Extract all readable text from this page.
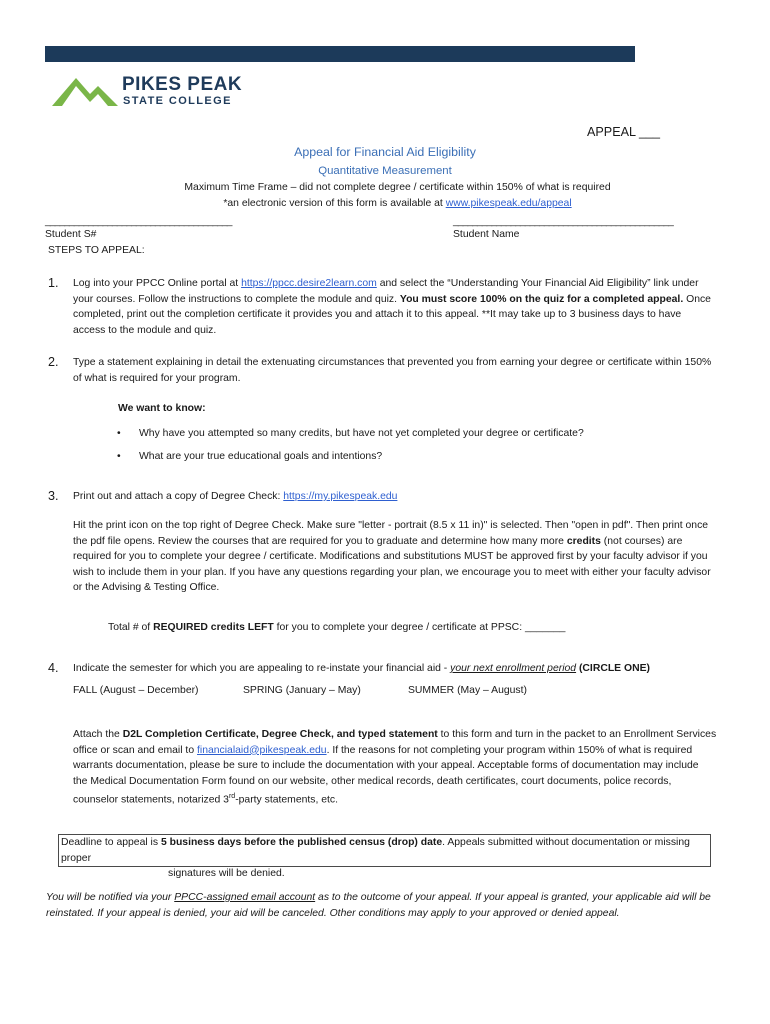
PIKES PEAK
STATE COLLEGE
APPEAL ___
Appeal for Financial Aid Eligibility
Quantitative Measurement
Maximum Time Frame – did not complete degree / certificate within 150% of what is required
*an electronic version of this form is available at www.pikespeak.edu/appeal
_______________________________________	______________________________________________
Student S#	Student Name
STEPS TO APPEAL:
1. Log into your PPCC Online portal at https://ppcc.desire2learn.com and select the “Understanding Your Financial Aid Eligibility” link under
your courses. Follow the instructions to complete the module and quiz. You must score 100% on the quiz for a completed appeal. Once
completed, print out the completion certificate it provides you and attach it to this appeal. **It may take up to 3 business days to have
access to the module and quiz.
2. Type a statement explaining in detail the extenuating circumstances that prevented you from earning your degree or certificate within 150%
of what is required for your program.
We want to know:
• Why have you attempted so many credits, but have not yet completed your degree or certificate?
• What are your true educational goals and intentions?
3. Print out and attach a copy of Degree Check: https://my.pikespeak.edu
Hit the print icon on the top right of Degree Check. Make sure "letter - portrait (8.5 x 11 in)" is selected. Then "open in pdf". Then print once
the pdf file opens. Review the courses that are required for you to graduate and determine how many more credits (not courses) are
required for you to complete your degree / certificate. Modifications and substitutions MUST be approved first by your faculty advisor if you
wish to include them in your plan. If you have any questions regarding your plan, we encourage you to meet with either your faculty advisor
or the Advising & Testing Office.
Total # of REQUIRED credits LEFT for you to complete your degree / certificate at PPSC: _______
4. Indicate the semester for which you are appealing to re-instate your financial aid - your next enrollment period (CIRCLE ONE)
FALL (August – December)	SPRING (January – May)	SUMMER (May – August)
Attach the D2L Completion Certificate, Degree Check, and typed statement to this form and turn in the packet to an Enrollment Services
office or scan and email to financialaid@pikespeak.edu. If the reasons for not completing your program within 150% of what is required
warrants documentation, please be sure to include the documentation with your appeal. Acceptable forms of documentation may include
the Medical Documentation Form found on our website, other medical records, death certificates, court documents, police records,
counselor statements, notarized 3rd-party statements, etc.
Deadline to appeal is 5 business days before the published census (drop) date. Appeals submitted without documentation or missing proper
signatures will be denied.
You will be notified via your PPCC-assigned email account as to the outcome of your appeal. If your appeal is granted, your applicable aid will be
reinstated. If your appeal is denied, your aid will be canceled. Other conditions may apply to your approved or denied appeal.
